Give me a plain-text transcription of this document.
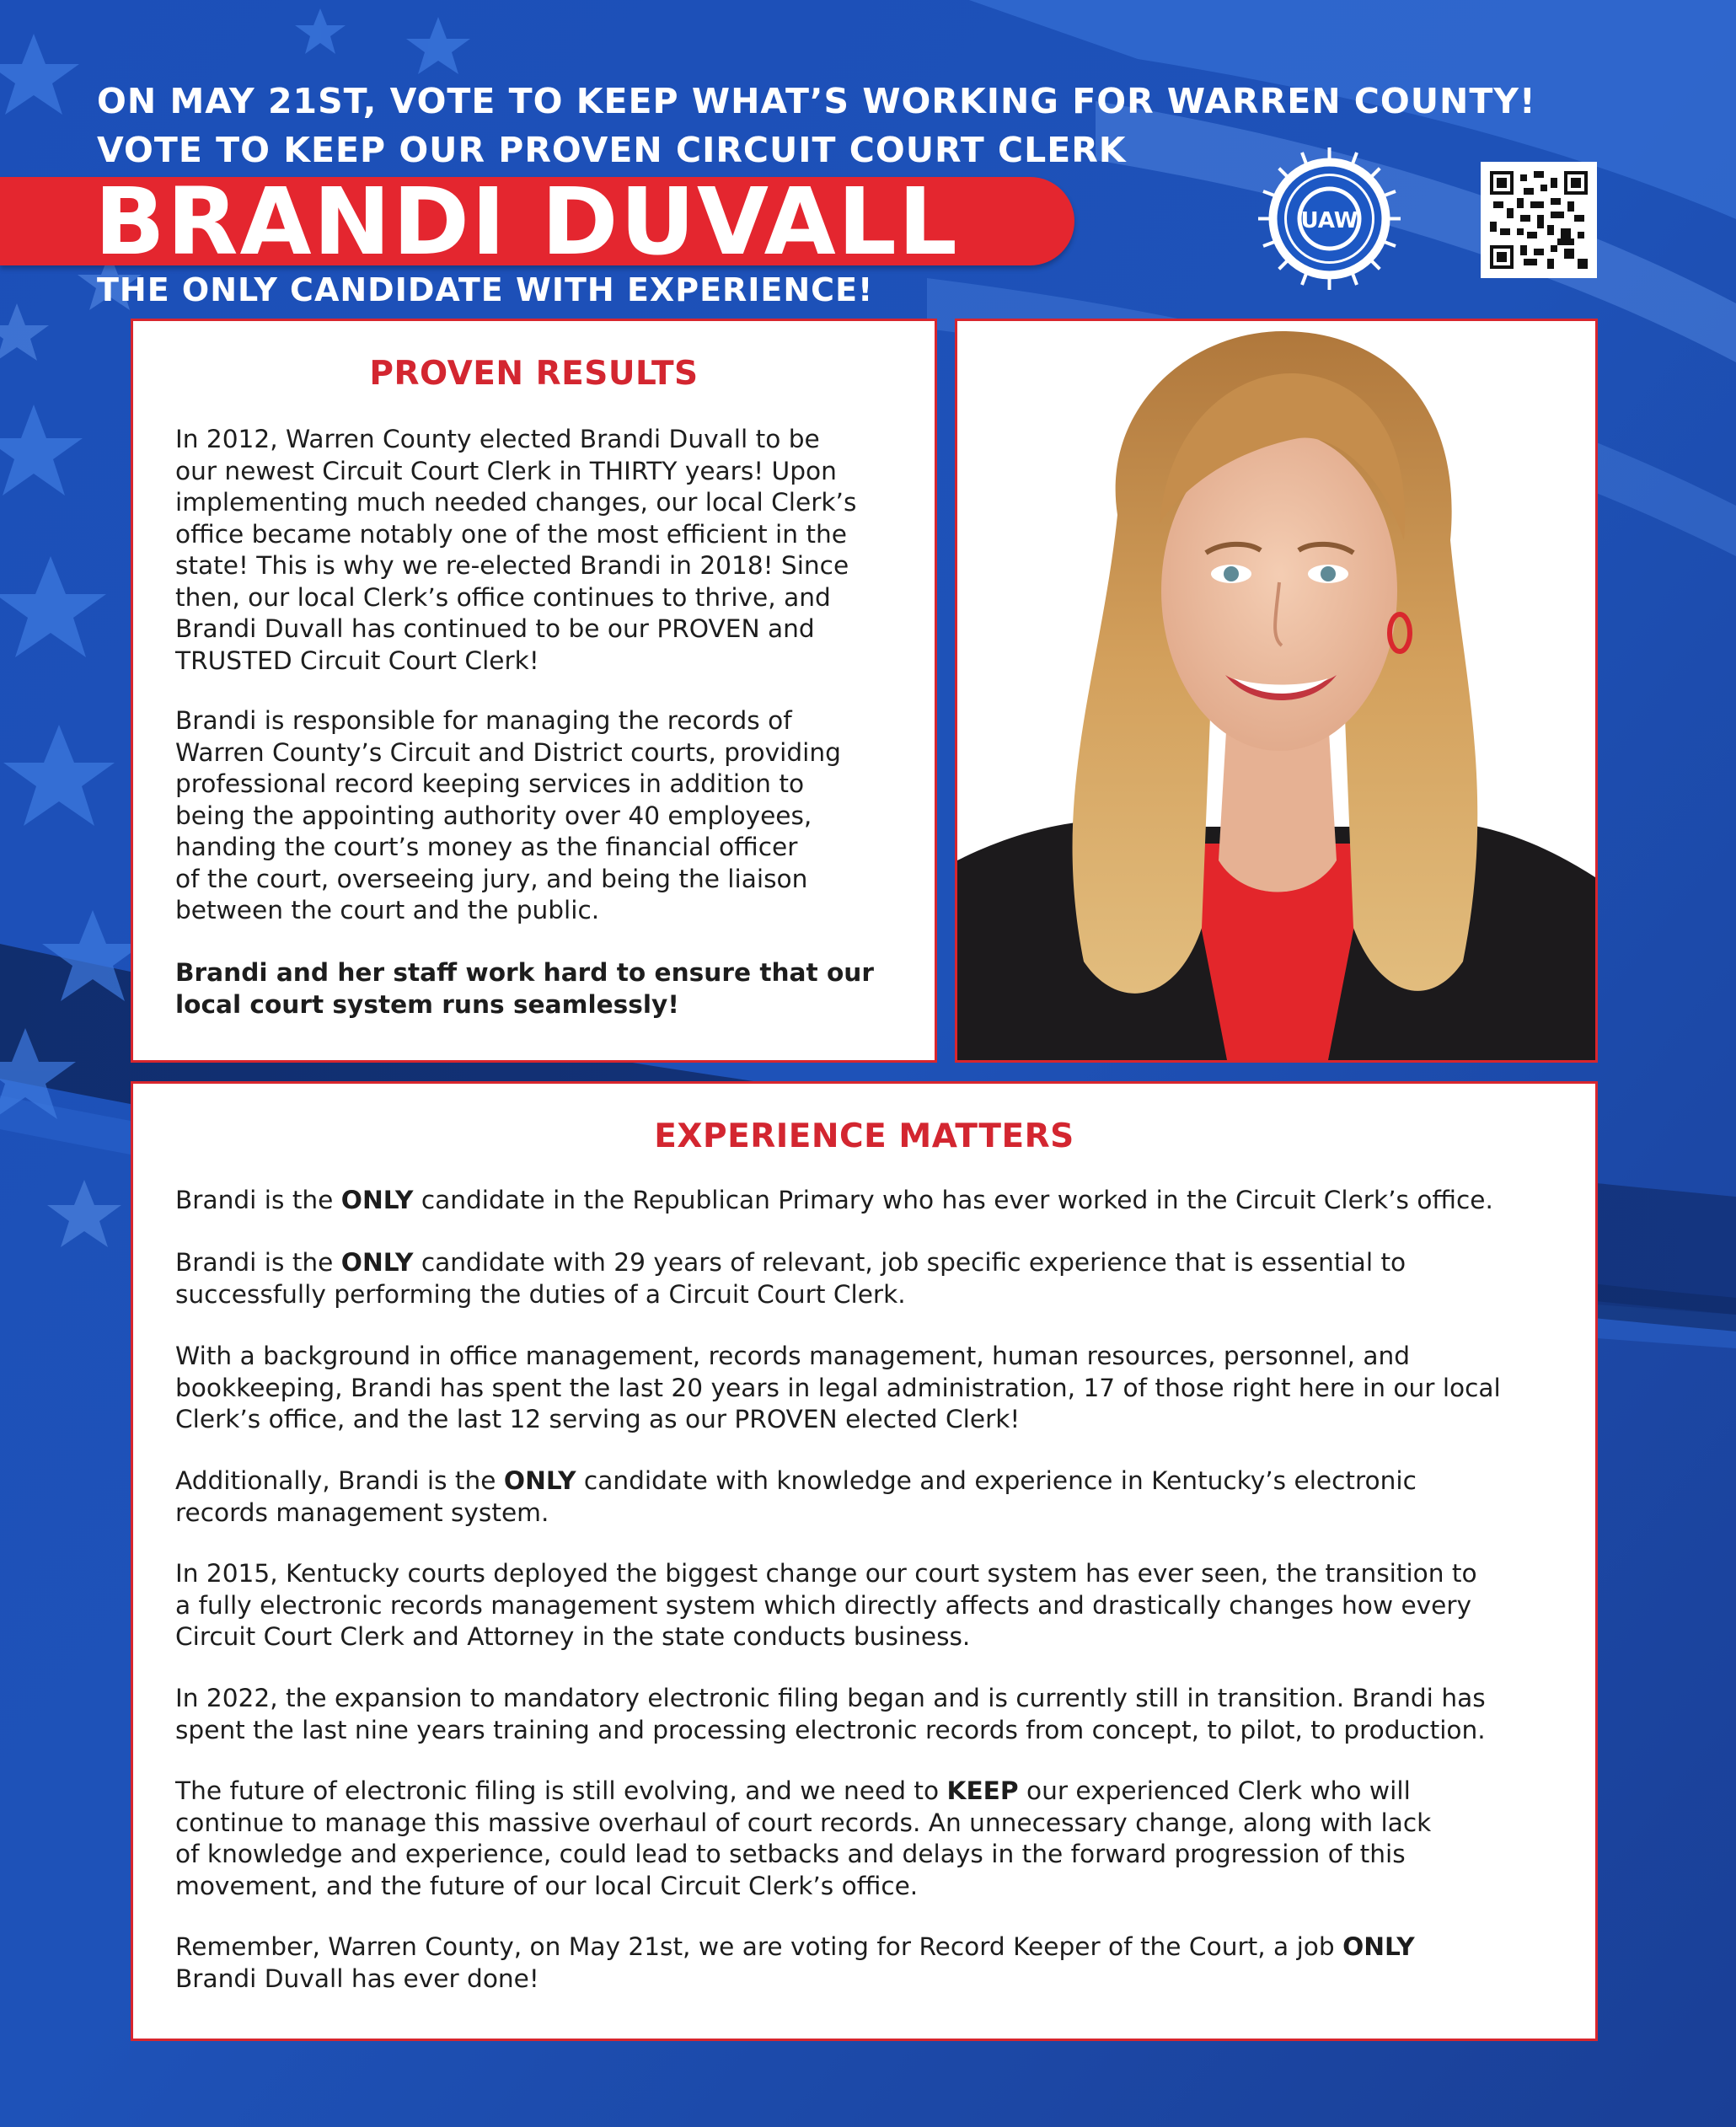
ON MAY 21ST, VOTE TO KEEP WHAT’S WORKING FOR WARREN COUNTY!
VOTE TO KEEP OUR PROVEN CIRCUIT COURT CLERK
BRANDI DUVALL
THE ONLY CANDIDATE WITH EXPERIENCE!
UAW
PROVEN RESULTS
In 2012, Warren County elected Brandi Duvall to be
our newest Circuit Court Clerk in THIRTY years! Upon
implementing much needed changes, our local Clerk’s
office became notably one of the most efficient in the
state! This is why we re-elected Brandi in 2018! Since
then, our local Clerk’s office continues to thrive, and
Brandi Duvall has continued to be our PROVEN and
TRUSTED Circuit Court Clerk!
Brandi is responsible for managing the records of
Warren County’s Circuit and District courts, providing
professional record keeping services in addition to
being the appointing authority over 40 employees,
handing the court’s money as the financial officer
of the court, overseeing jury, and being the liaison
between the court and the public.
Brandi and her staff work hard to ensure that our
local court system runs seamlessly!
EXPERIENCE MATTERS
Brandi is the ONLY candidate in the Republican Primary who has ever worked in the Circuit Clerk’s office.
Brandi is the ONLY candidate with 29 years of relevant, job specific experience that is essential to
successfully performing the duties of a Circuit Court Clerk.
With a background in office management, records management, human resources, personnel, and
bookkeeping, Brandi has spent the last 20 years in legal administration, 17 of those right here in our local
Clerk’s office, and the last 12 serving as our PROVEN elected Clerk!
Additionally, Brandi is the ONLY candidate with knowledge and experience in Kentucky’s electronic
records management system.
In 2015, Kentucky courts deployed the biggest change our court system has ever seen, the transition to
a fully electronic records management system which directly affects and drastically changes how every
Circuit Court Clerk and Attorney in the state conducts business.
In 2022, the expansion to mandatory electronic filing began and is currently still in transition. Brandi has
spent the last nine years training and processing electronic records from concept, to pilot, to production.
The future of electronic filing is still evolving, and we need to KEEP our experienced Clerk who will
continue to manage this massive overhaul of court records. An unnecessary change, along with lack
of knowledge and experience, could lead to setbacks and delays in the forward progression of this
movement, and the future of our local Circuit Clerk’s office.
Remember, Warren County, on May 21st, we are voting for Record Keeper of the Court, a job ONLY
Brandi Duvall has ever done!
